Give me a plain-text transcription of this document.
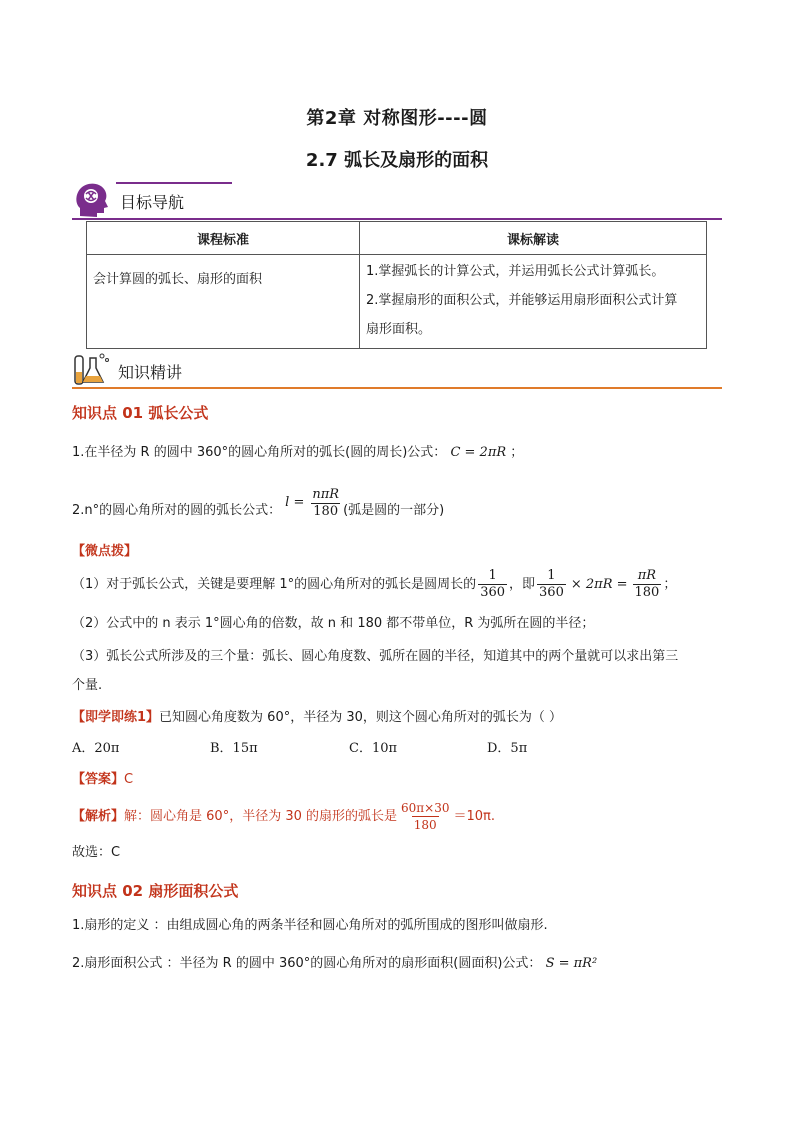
第2章 对称图形----圆
2.7 弧长及扇形的面积
目标导航
课程标准	课标解读
会计算圆的弧长、扇形的面积	1.掌握弧长的计算公式，并运用弧长公式计算弧长。
2.掌握扇形的面积公式，并能够运用扇形面积公式计算
扇形面积。
知识精讲
知识点 01 弧长公式
1.在半径为 R 的圆中 360°的圆心角所对的弧长(圆的周长)公式： C = 2πR ；
2.n°的圆心角所对的圆的弧长公式：
$l = \frac{\text{nπR}}{180}$ (弧是圆的一部分)
【微点拨】
（1）对于弧长公式，关键是要理解 1°的圆心角所对的弧长是圆周长的 $\frac{1}{360}$ ，即 $\frac{1}{360} \times 2\pi R = \frac{\pi R}{180}$ ；
（2）公式中的 n 表示 1°圆心角的倍数，故 n 和 180 都不带单位，R 为弧所在圆的半径；
（3）弧长公式所涉及的三个量：弧长、圆心角度数、弧所在圆的半径，知道其中的两个量就可以求出第三
个量.
【即学即练1】已知圆心角度数为 60°，半径为 30，则这个圆心角所对的弧长为（ ）
A．20π	B．15π	C．10π	D．5π
【答案】C
【解析】 解：圆心角是 60°，半径为 30 的扇形的弧长是 $\frac{60\pi\times 30}{180} =10\pi$.
故选：C
知识点 02 扇形面积公式
1.扇形的定义 ：由组成圆心角的两条半径和圆心角所对的弧所围成的图形叫做扇形.
2.扇形面积公式 ：半径为 R 的圆中 360°的圆心角所对的扇形面积(圆面积)公式： S = πR²
